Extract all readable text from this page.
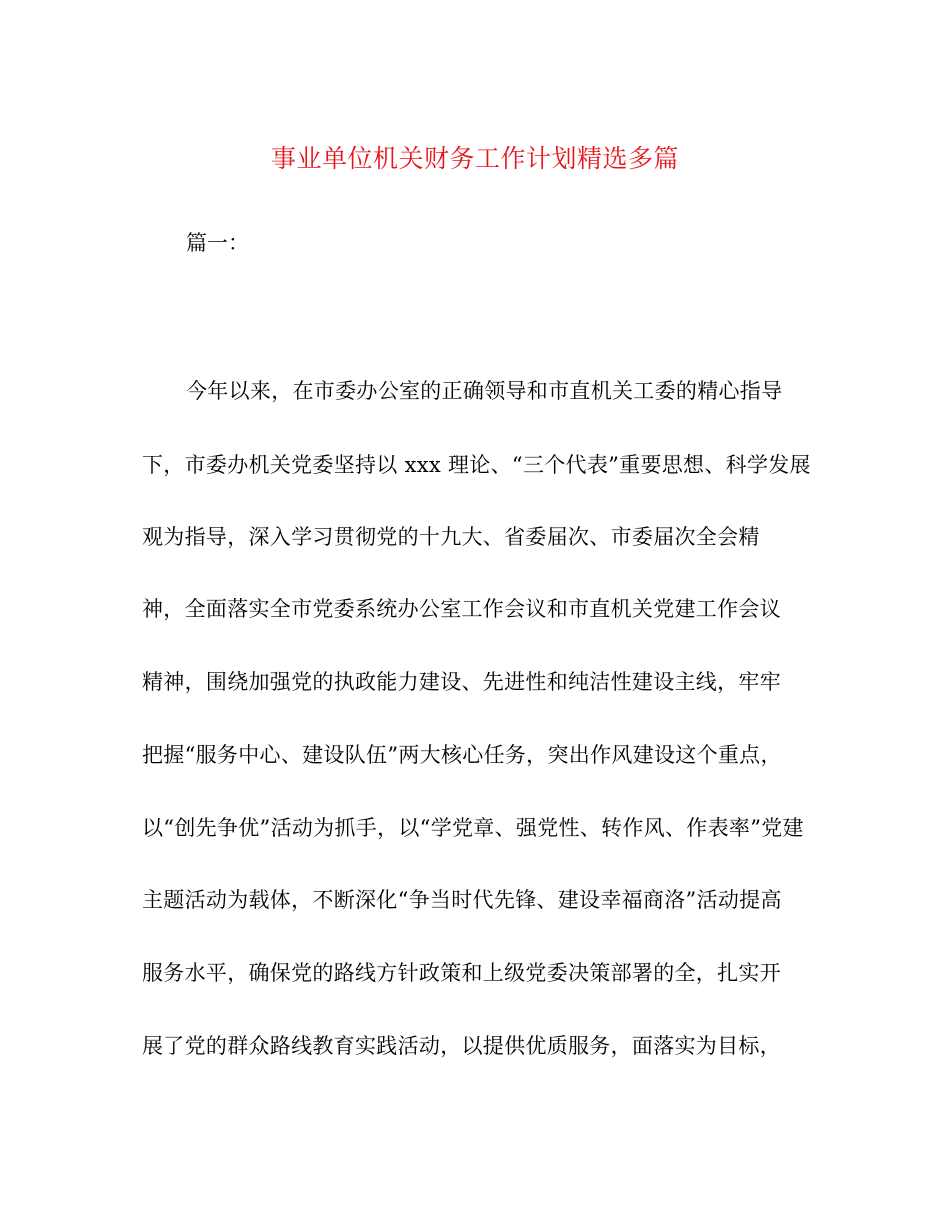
事业单位机关财务工作计划精选多篇

篇一：

今年以来，在市委办公室的正确领导和市直机关工委的精心指导

下，市委办机关党委坚持以 xxx 理论、“三个代表”重要思想、科学发展

观为指导，深入学习贯彻党的十九大、省委届次、市委届次全会精

神，全面落实全市党委系统办公室工作会议和市直机关党建工作会议

精神，围绕加强党的执政能力建设、先进性和纯洁性建设主线，牢牢

把握“服务中心、建设队伍”两大核心任务，突出作风建设这个重点，

以“创先争优”活动为抓手，以“学党章、强党性、转作风、作表率”党建

主题活动为载体，不断深化“争当时代先锋、建设幸福商洛”活动提高

服务水平，确保党的路线方针政策和上级党委决策部署的全，扎实开

展了党的群众路线教育实践活动，以提供优质服务，面落实为目标，
